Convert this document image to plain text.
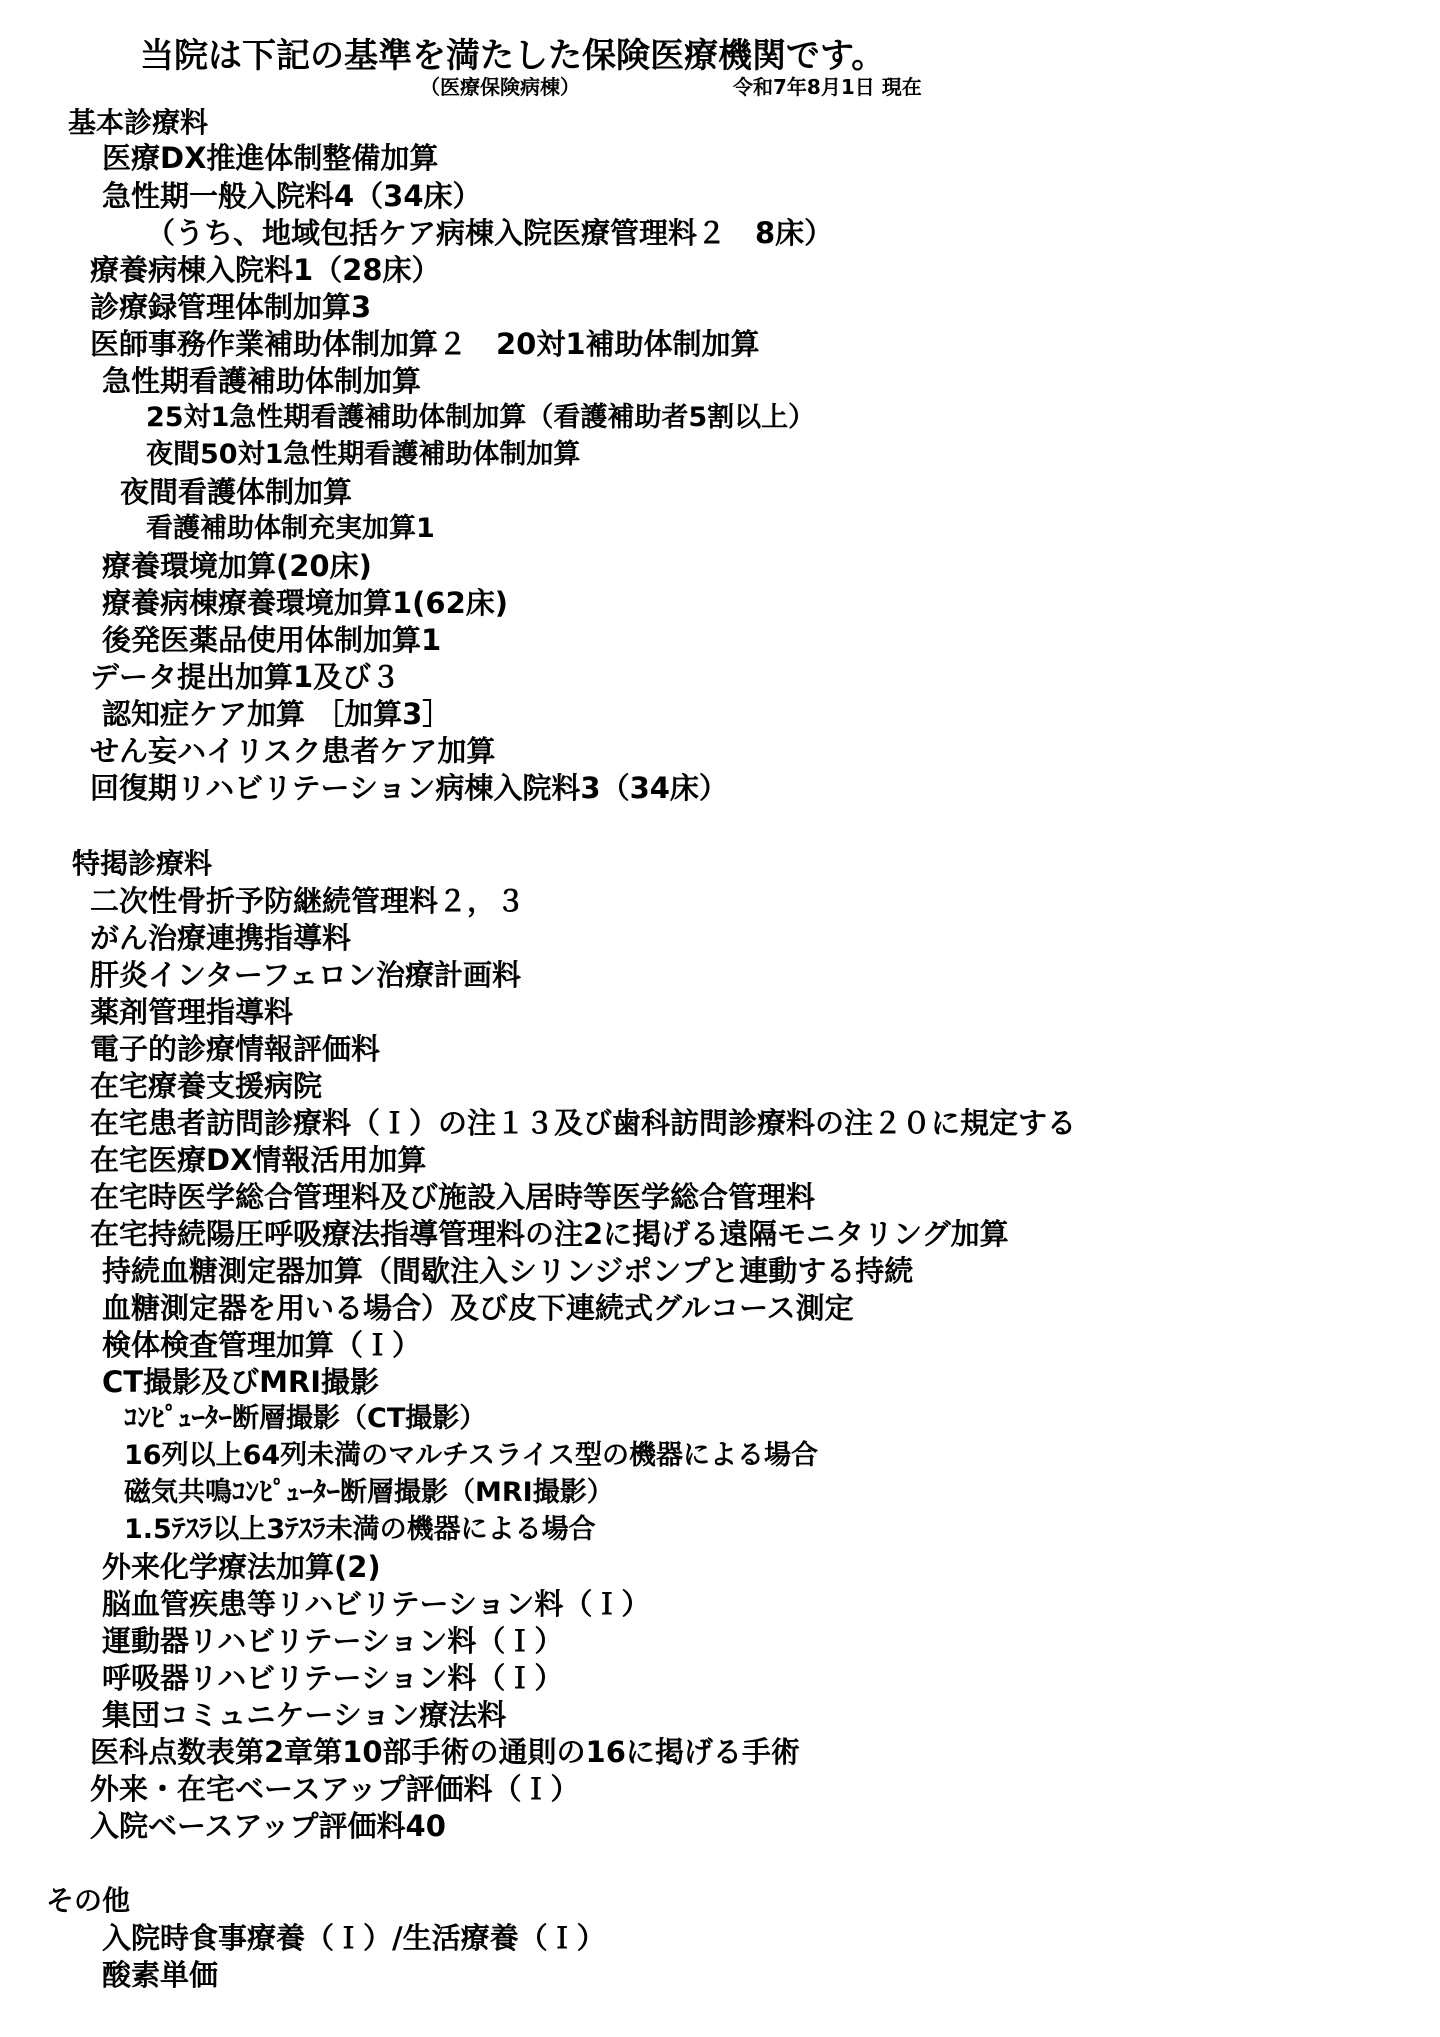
当院は下記の基準を満たした保険医療機関です。
（医療保険病棟）	令和7年8月1日 現在
基本診療料
医療DX推進体制整備加算
急性期一般入院料4（34床）
（うち、地域包括ケア病棟入院医療管理料２　8床）
療養病棟入院料1（28床）
診療録管理体制加算3
医師事務作業補助体制加算２　20対1補助体制加算
急性期看護補助体制加算
25対1急性期看護補助体制加算（看護補助者5割以上）
夜間50対1急性期看護補助体制加算
夜間看護体制加算
看護補助体制充実加算1
療養環境加算(20床)
療養病棟療養環境加算1(62床)
後発医薬品使用体制加算1
データ提出加算1及び３
認知症ケア加算 ［加算3］
せん妄ハイリスク患者ケア加算
回復期リハビリテーション病棟入院料3（34床）
特掲診療料
二次性骨折予防継続管理料２，３
がん治療連携指導料
肝炎インターフェロン治療計画料
薬剤管理指導料
電子的診療情報評価料
在宅療養支援病院
在宅患者訪問診療料（Ｉ）の注１３及び歯科訪問診療料の注２０に規定する
在宅医療DX情報活用加算
在宅時医学総合管理料及び施設入居時等医学総合管理料
在宅持続陽圧呼吸療法指導管理料の注2に掲げる遠隔モニタリング加算
持続血糖測定器加算（間歇注入シリンジポンプと連動する持続
血糖測定器を用いる場合）及び皮下連続式グルコース測定
検体検査管理加算（Ｉ）
CT撮影及びMRI撮影
ｺﾝﾋﾟｭｰﾀｰ断層撮影（CT撮影）
16列以上64列未満のマルチスライス型の機器による場合
磁気共鳴ｺﾝﾋﾟｭｰﾀｰ断層撮影（MRI撮影）
1.5ﾃｽﾗ以上3ﾃｽﾗ未満の機器による場合
外来化学療法加算(2)
脳血管疾患等リハビリテーション料（Ｉ）
運動器リハビリテーション料（Ｉ）
呼吸器リハビリテーション料（Ｉ）
集団コミュニケーション療法料
医科点数表第2章第10部手術の通則の16に掲げる手術
外来・在宅ベースアップ評価料（Ｉ）
入院ベースアップ評価料40
その他
入院時食事療養（Ｉ）/生活療養（Ｉ）
酸素単価
